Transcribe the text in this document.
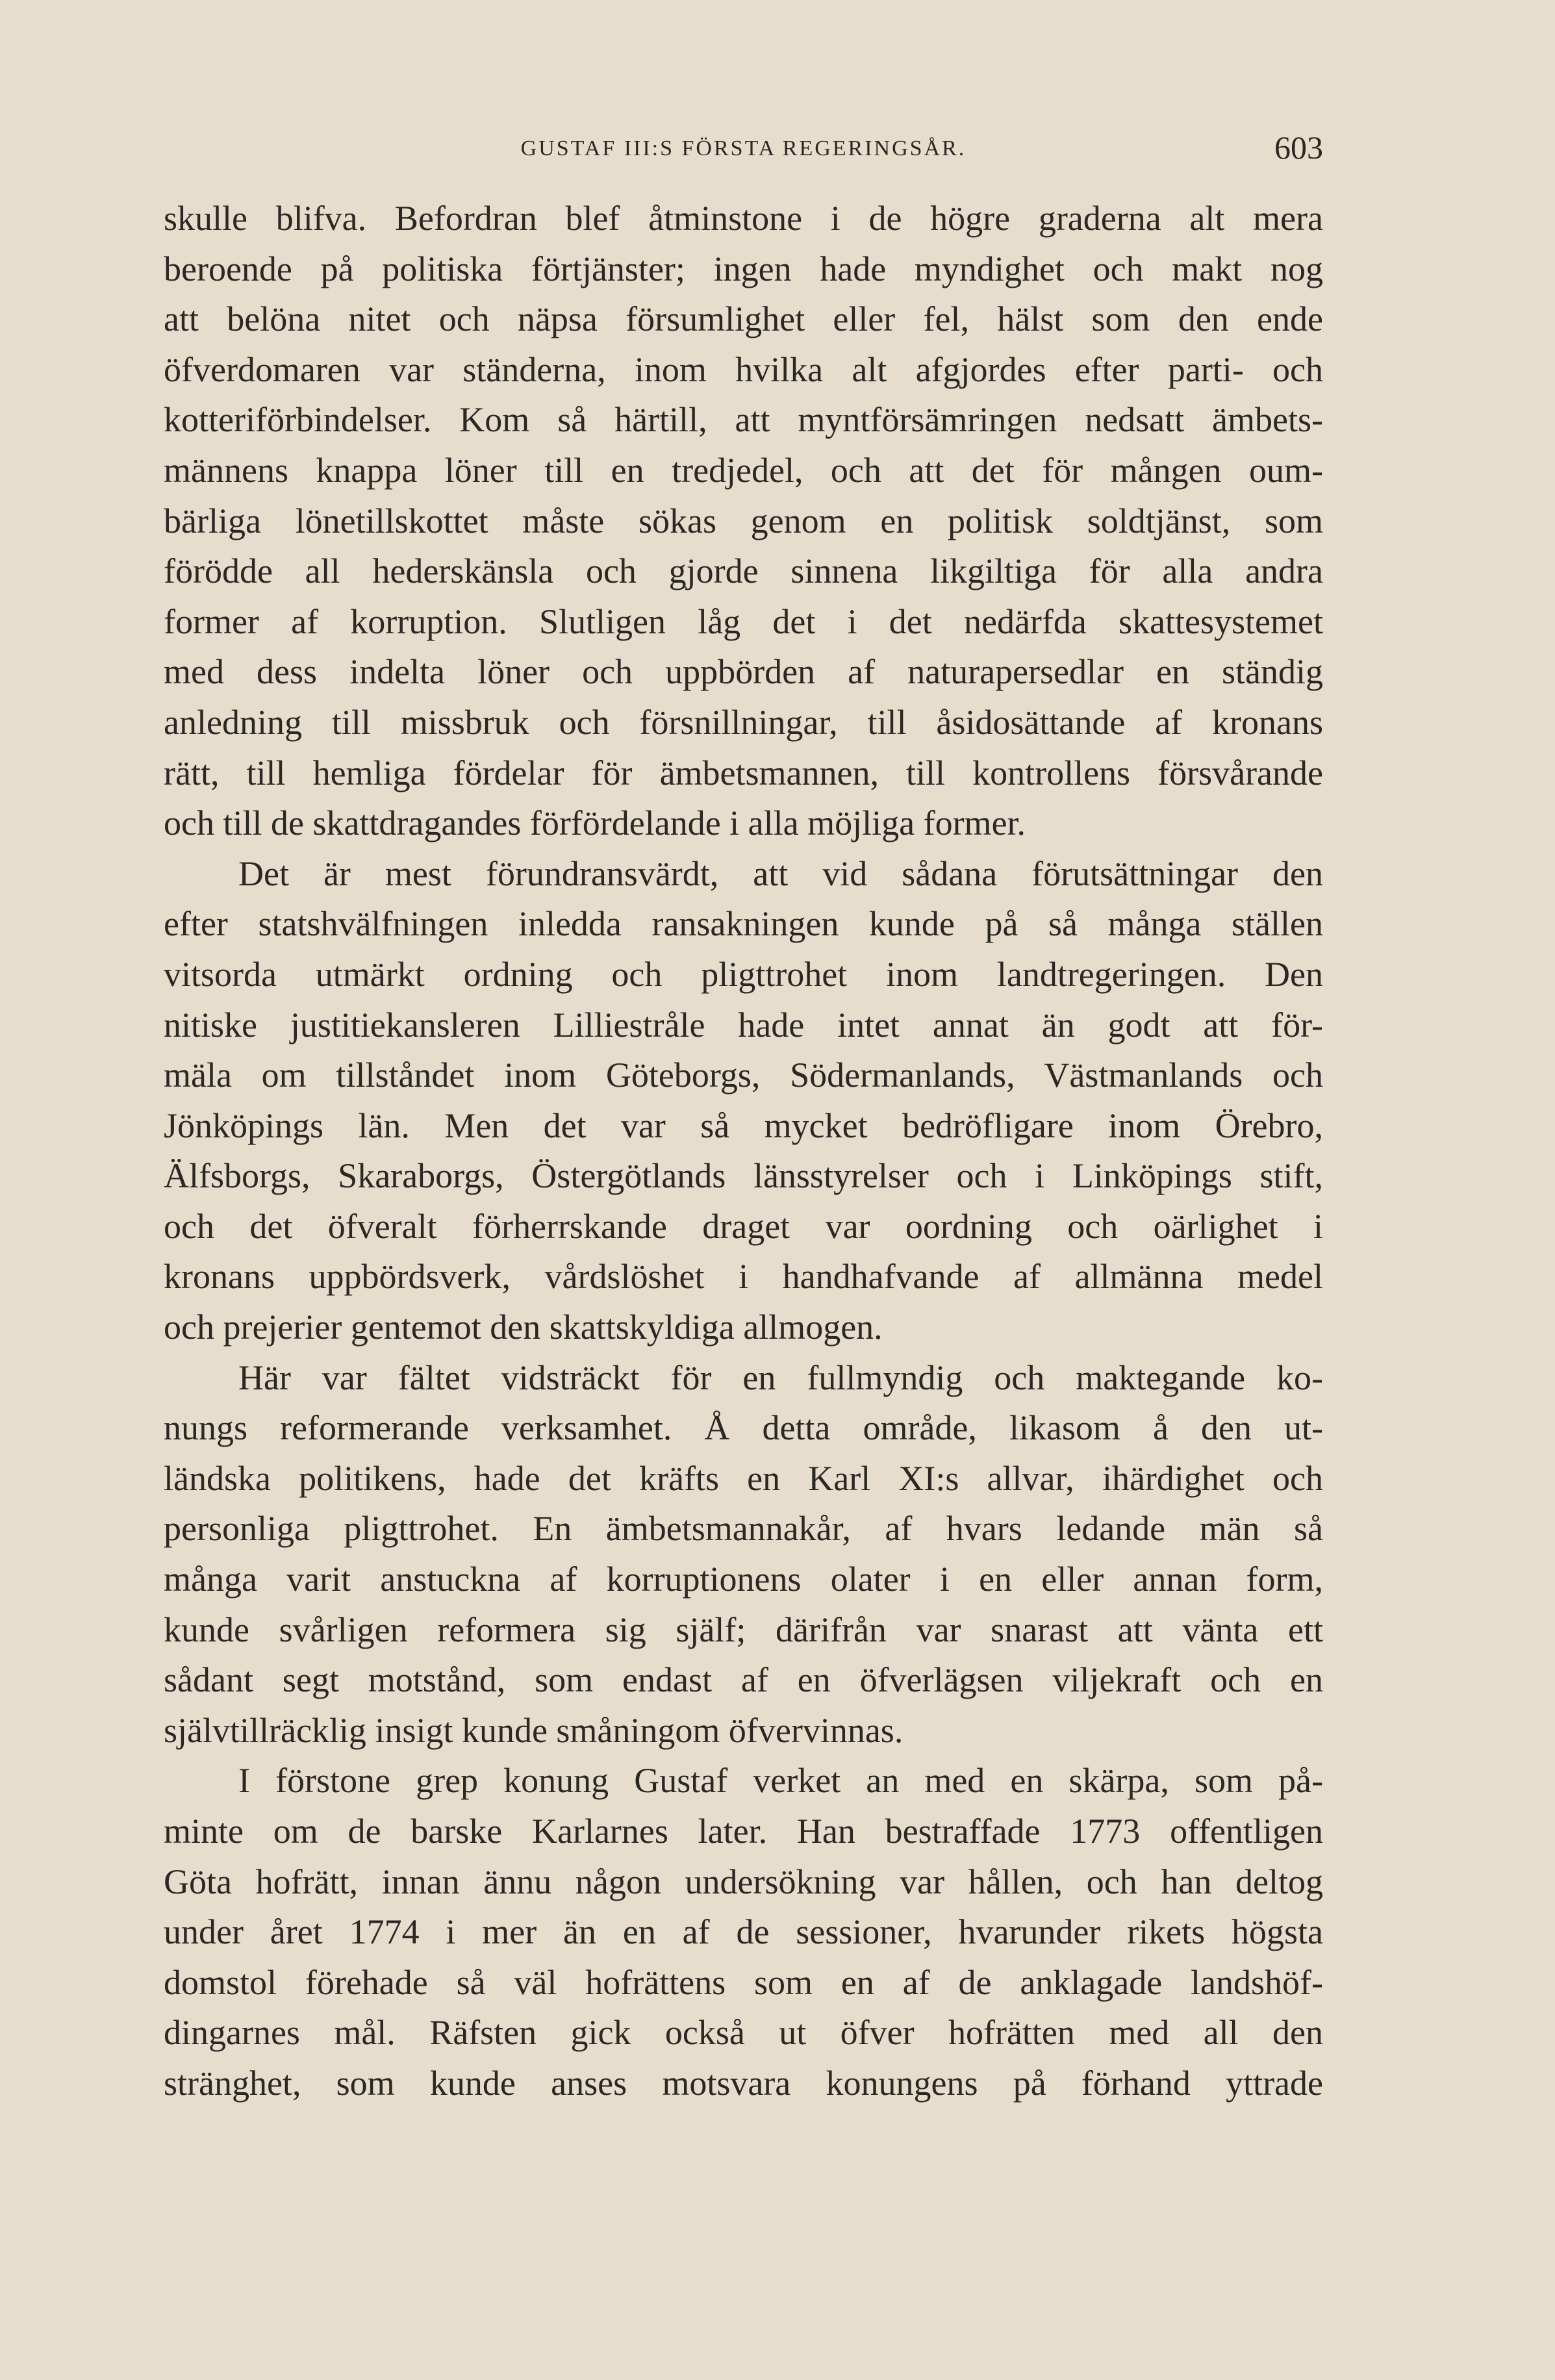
GUSTAF III:S FÖRSTA REGERINGSÅR.	603
skulle blifva. Befordran blef åtminstone i de högre graderna alt mera
beroende på politiska förtjänster; ingen hade myndighet och makt nog
att belöna nitet och näpsa försumlighet eller fel, hälst som den ende
öfverdomaren var ständerna, inom hvilka alt afgjordes efter parti- och
kotteriförbindelser. Kom så härtill, att myntförsämringen nedsatt ämbets-
männens knappa löner till en tredjedel, och att det för mången oum-
bärliga lönetillskottet måste sökas genom en politisk soldtjänst, som
förödde all hederskänsla och gjorde sinnena likgiltiga för alla andra
former af korruption. Slutligen låg det i det nedärfda skattesystemet
med dess indelta löner och uppbörden af naturapersedlar en ständig
anledning till missbruk och försnillningar, till åsidosättande af kronans
rätt, till hemliga fördelar för ämbetsmannen, till kontrollens försvårande
och till de skattdragandes förfördelande i alla möjliga former.
Det är mest förundransvärdt, att vid sådana förutsättningar den
efter statshvälfningen inledda ransakningen kunde på så många ställen
vitsorda utmärkt ordning och pligttrohet inom landtregeringen. Den
nitiske justitiekansleren Lilliestråle hade intet annat än godt att för-
mäla om tillståndet inom Göteborgs, Södermanlands, Västmanlands och
Jönköpings län. Men det var så mycket bedröfligare inom Örebro,
Älfsborgs, Skaraborgs, Östergötlands länsstyrelser och i Linköpings stift,
och det öfveralt förherrskande draget var oordning och oärlighet i
kronans uppbördsverk, vårdslöshet i handhafvande af allmänna medel
och prejerier gentemot den skattskyldiga allmogen.
Här var fältet vidsträckt för en fullmyndig och maktegande ko-
nungs reformerande verksamhet. Å detta område, likasom å den ut-
ländska politikens, hade det kräfts en Karl XI:s allvar, ihärdighet och
personliga pligttrohet. En ämbetsmannakår, af hvars ledande män så
många varit anstuckna af korruptionens olater i en eller annan form,
kunde svårligen reformera sig själf; därifrån var snarast att vänta ett
sådant segt motstånd, som endast af en öfverlägsen viljekraft och en
självtillräcklig insigt kunde småningom öfvervinnas.
I förstone grep konung Gustaf verket an med en skärpa, som på-
minte om de barske Karlarnes later. Han bestraffade 1773 offentligen
Göta hofrätt, innan ännu någon undersökning var hållen, och han deltog
under året 1774 i mer än en af de sessioner, hvarunder rikets högsta
domstol förehade så väl hofrättens som en af de anklagade landshöf-
dingarnes mål. Räfsten gick också ut öfver hofrätten med all den
stränghet, som kunde anses motsvara konungens på förhand yttrade
